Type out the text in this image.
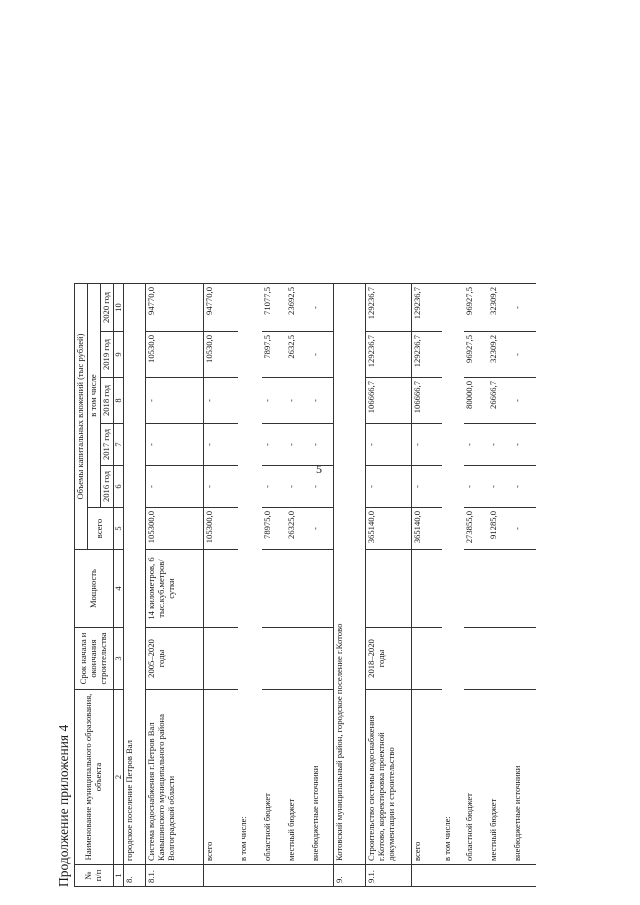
5
Продолжение приложения 4 № п/п	Наименование муниципального образования, объекта	Срок начала и окончания строительства	Мощность	Объемы капитальных вложений (тыс рублей)					
				всего	в том числе				
					2016 год	2017 год	2018 год	2019 год	2020 год
1	2	3	4	5	6	7	8	9	10
8.	городское поселение Петров Вал								
8.1.	Система водоснабжения г.Петров Вал Камышинского муниципального района Волгоградской области	2005–2020 годы	14 километров, 6 тыс.куб.метров/ сутки	105300,0	-	-	-	10530,0	94770,0
	всего			105300,0	-	-	-	10530,0	94770,0
	в том числе:								
	областной бюджет			78975,0	-	-	-	7897,5	71077,5
	местный бюджет			26325,0	-	-	-	2632,5	23692,5
	внебюджетные источники			-	-	-	-	-	-
9.	Котовский муниципальный район, городское поселение г.Котово								
9.1.	Строительство системы водоснабжения г.Котово, корректировка проектной документации и строительство	2018–2020 годы		365140,0	-	-	106666,7	129236,7	129236,7
	всего			365140,0	-	-	106666,7	129236,7	129236,7
	в том числе:								
	областной бюджет			273855,0	-	-	80000,0	96927,5	96927,5
	местный бюджет			91285,0	-	-	26666,7	32309,2	32309,2
	внебюджетные источники			-	-	-	-	-	-
